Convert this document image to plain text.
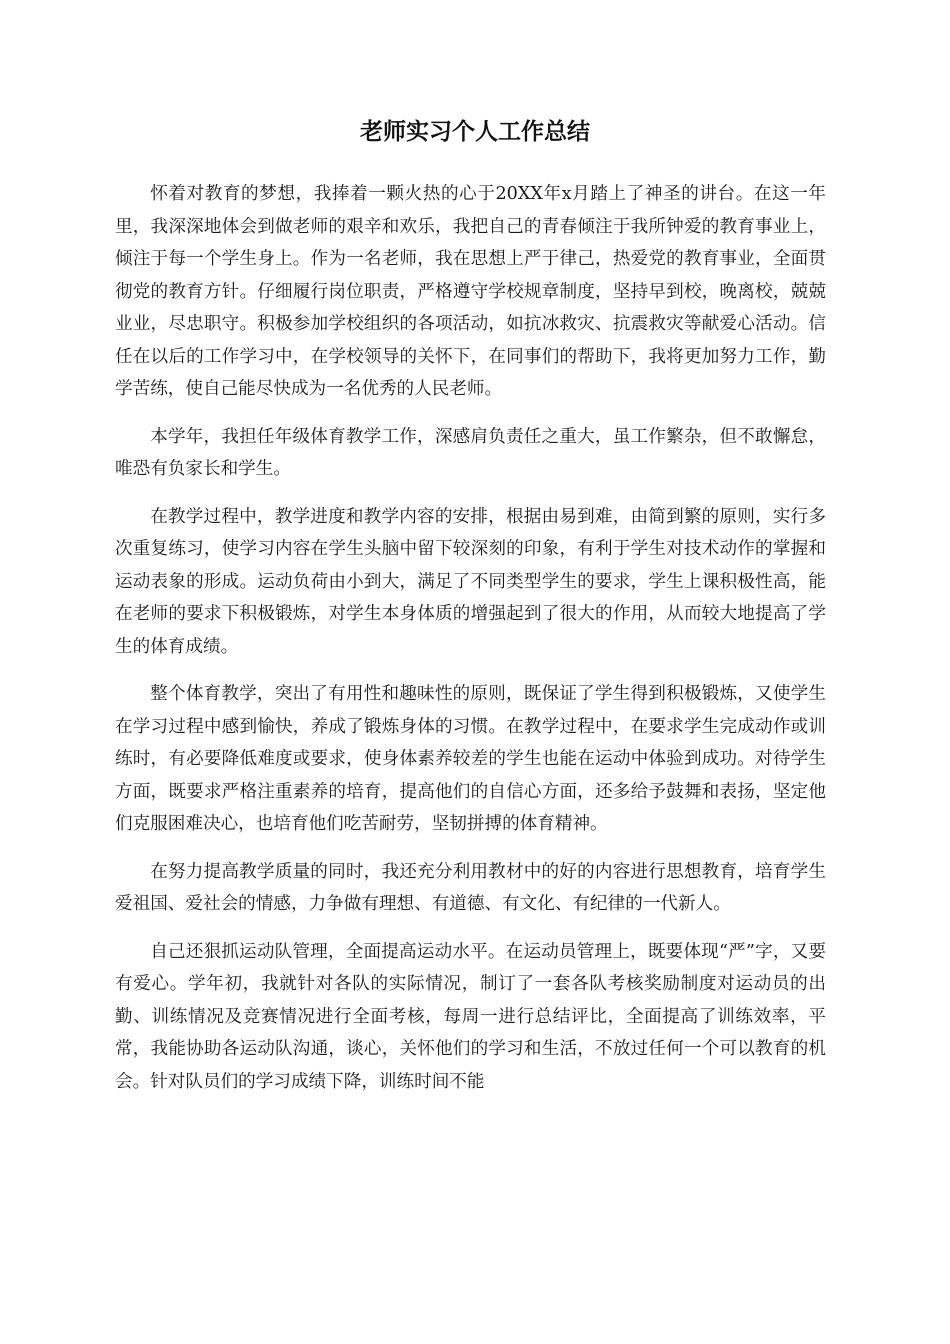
老师实习个人工作总结

怀着对教育的梦想，我捧着一颗火热的心于20XX年x月踏上了神圣的讲台。在这一年里，我深深地体会到做老师的艰辛和欢乐，我把自己的青春倾注于我所钟爱的教育事业上，倾注于每一个学生身上。作为一名老师，我在思想上严于律己，热爱党的教育事业，全面贯彻党的教育方针。仔细履行岗位职责，严格遵守学校规章制度，坚持早到校，晚离校，兢兢业业，尽忠职守。积极参加学校组织的各项活动，如抗冰救灾、抗震救灾等献爱心活动。信任在以后的工作学习中，在学校领导的关怀下，在同事们的帮助下，我将更加努力工作，勤学苦练，使自己能尽快成为一名优秀的人民老师。

本学年，我担任年级体育教学工作，深感肩负责任之重大，虽工作繁杂，但不敢懈怠，唯恐有负家长和学生。

在教学过程中，教学进度和教学内容的安排，根据由易到难，由简到繁的原则，实行多次重复练习，使学习内容在学生头脑中留下较深刻的印象，有利于学生对技术动作的掌握和运动表象的形成。运动负荷由小到大，满足了不同类型学生的要求，学生上课积极性高，能在老师的要求下积极锻炼，对学生本身体质的增强起到了很大的作用，从而较大地提高了学生的体育成绩。

整个体育教学，突出了有用性和趣味性的原则，既保证了学生得到积极锻炼，又使学生在学习过程中感到愉快，养成了锻炼身体的习惯。在教学过程中，在要求学生完成动作或训练时，有必要降低难度或要求，使身体素养较差的学生也能在运动中体验到成功。对待学生方面，既要求严格注重素养的培育，提高他们的自信心方面，还多给予鼓舞和表扬，坚定他们克服困难决心，也培育他们吃苦耐劳，坚韧拼搏的体育精神。

在努力提高教学质量的同时，我还充分利用教材中的好的内容进行思想教育，培育学生爱祖国、爱社会的情感，力争做有理想、有道德、有文化、有纪律的一代新人。

自己还狠抓运动队管理，全面提高运动水平。在运动员管理上，既要体现“严”字，又要有爱心。学年初，我就针对各队的实际情况，制订了一套各队考核奖励制度对运动员的出勤、训练情况及竞赛情况进行全面考核，每周一进行总结评比，全面提高了训练效率，平常，我能协助各运动队沟通，谈心，关怀他们的学习和生活，不放过任何一个可以教育的机会。针对队员们的学习成绩下降，训练时间不能
